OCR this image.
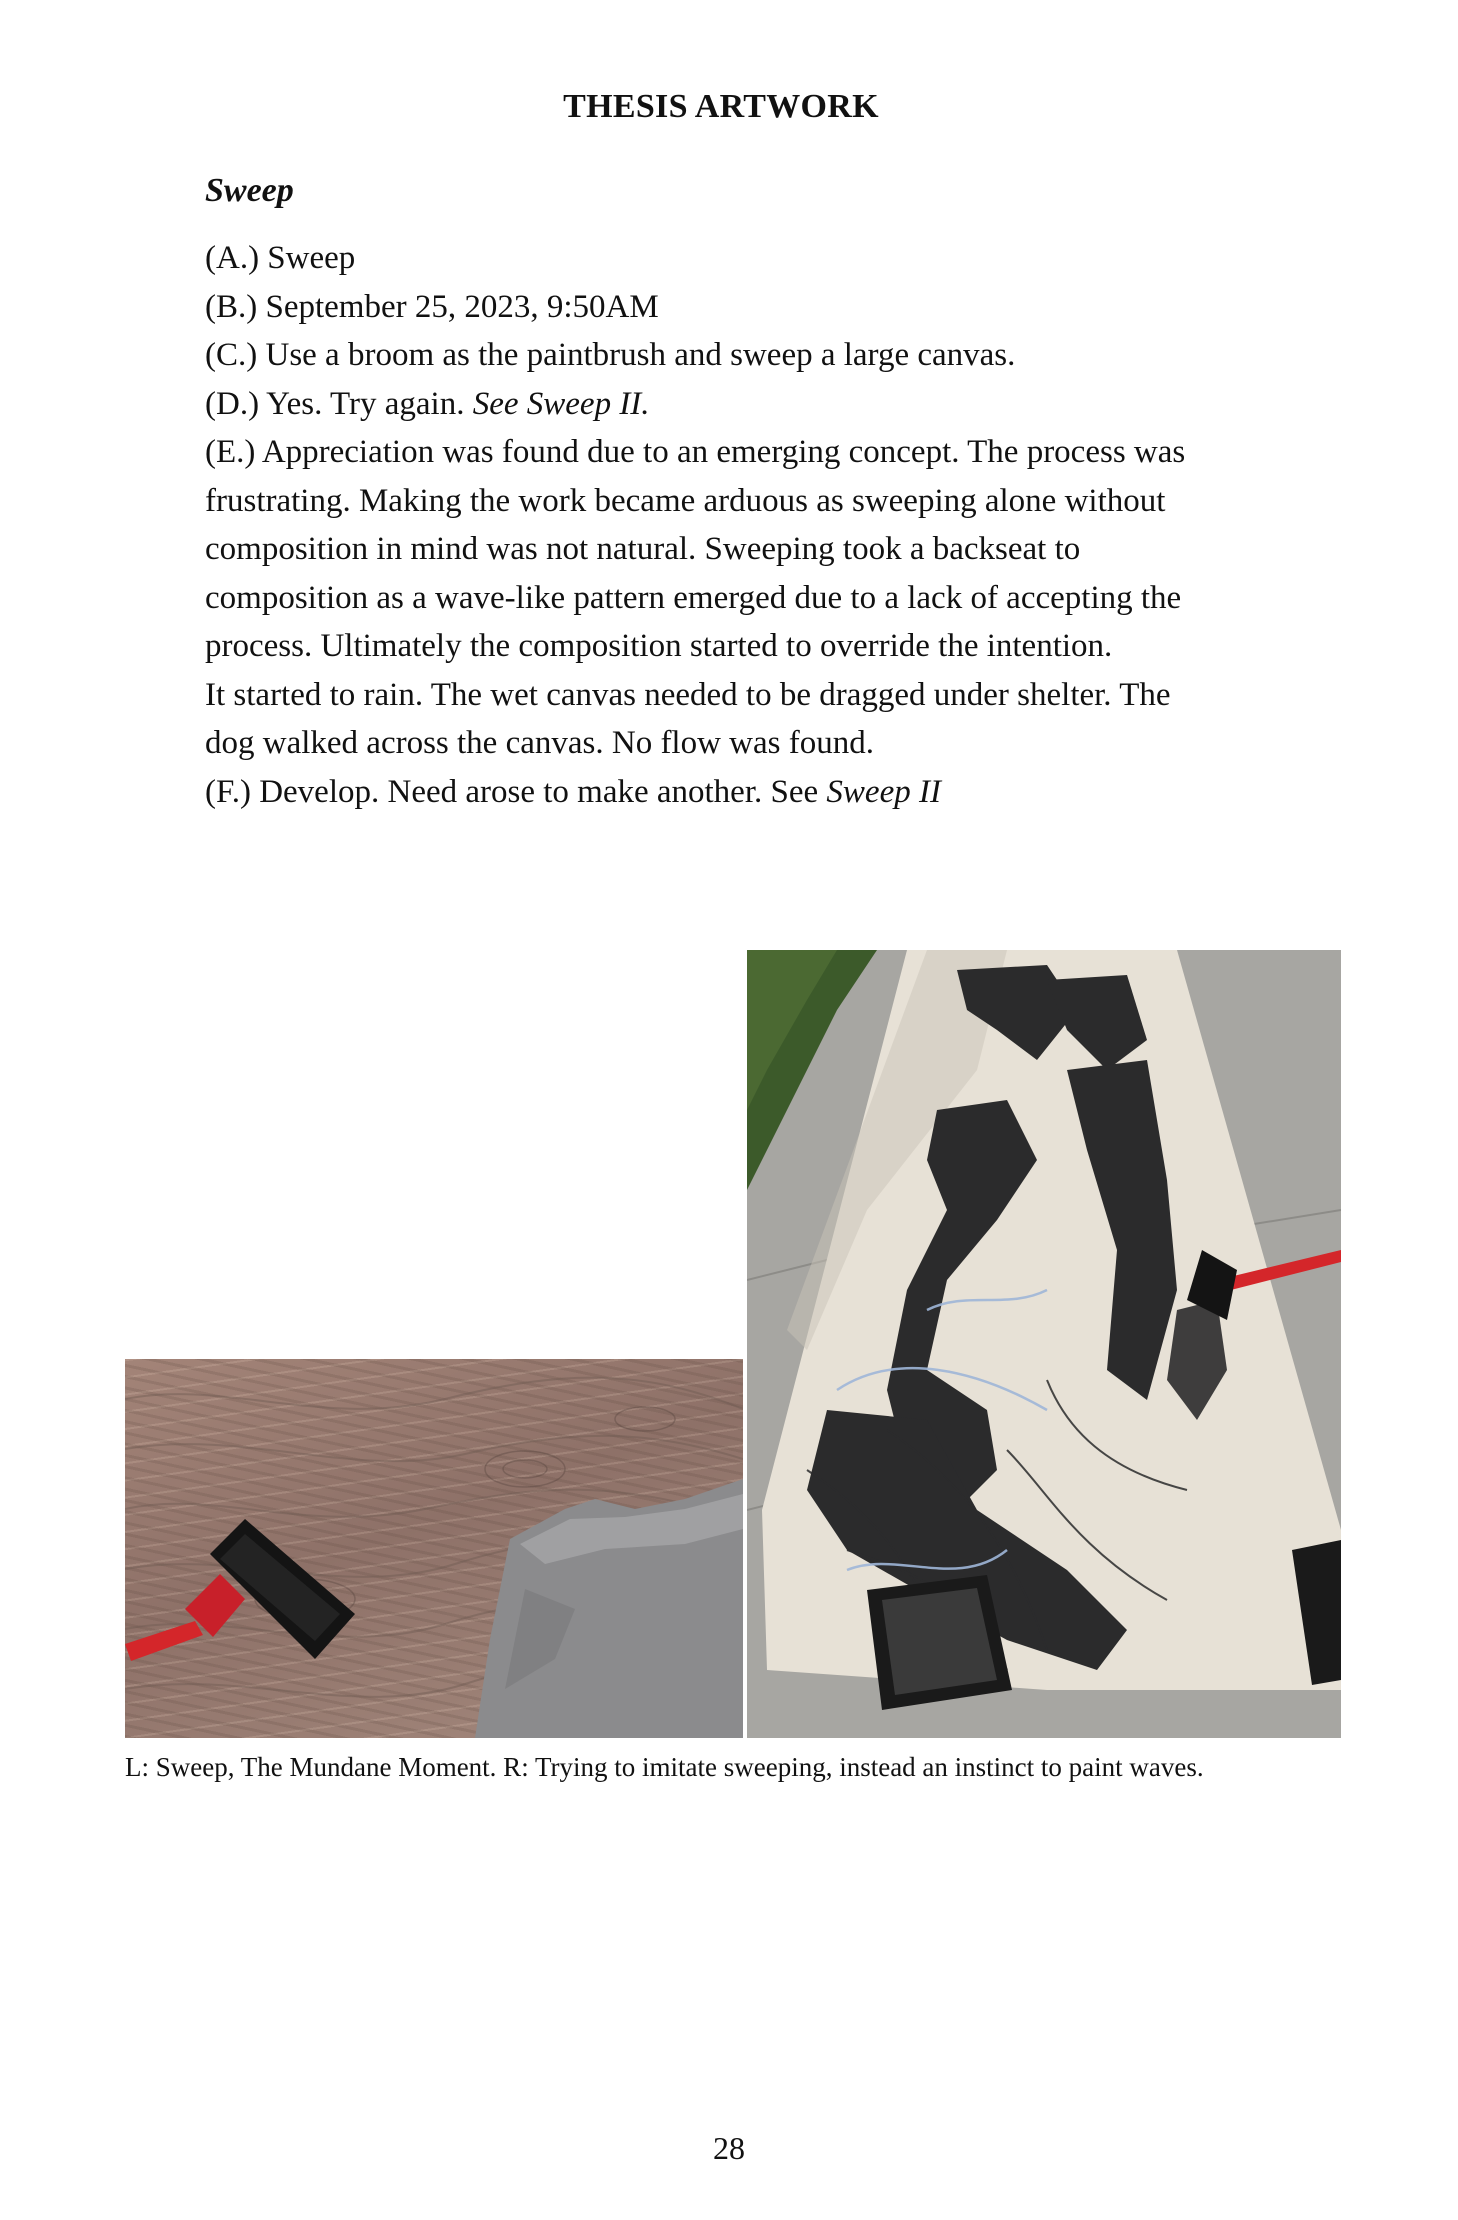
THESIS ARTWORK
Sweep

(A.) Sweep

(B.) September 25, 2023, 9:50AM

(C.) Use a broom as the paintbrush and sweep a large canvas.

(D.) Yes. Try again. See Sweep II.

(E.) Appreciation was found due to an emerging concept. The process was

frustrating. Making the work became arduous as sweeping alone without

composition in mind was not natural. Sweeping took a backseat to

composition as a wave-like pattern emerged due to a lack of accepting the

process. Ultimately the composition started to override the intention.

It started to rain. The wet canvas needed to be dragged under shelter. The

dog walked across the canvas. No flow was found.

(F.) Develop. Need arose to make another. See Sweep II

L: Sweep, The Mundane Moment. R: Trying to imitate sweeping, instead an instinct to paint waves.
28
